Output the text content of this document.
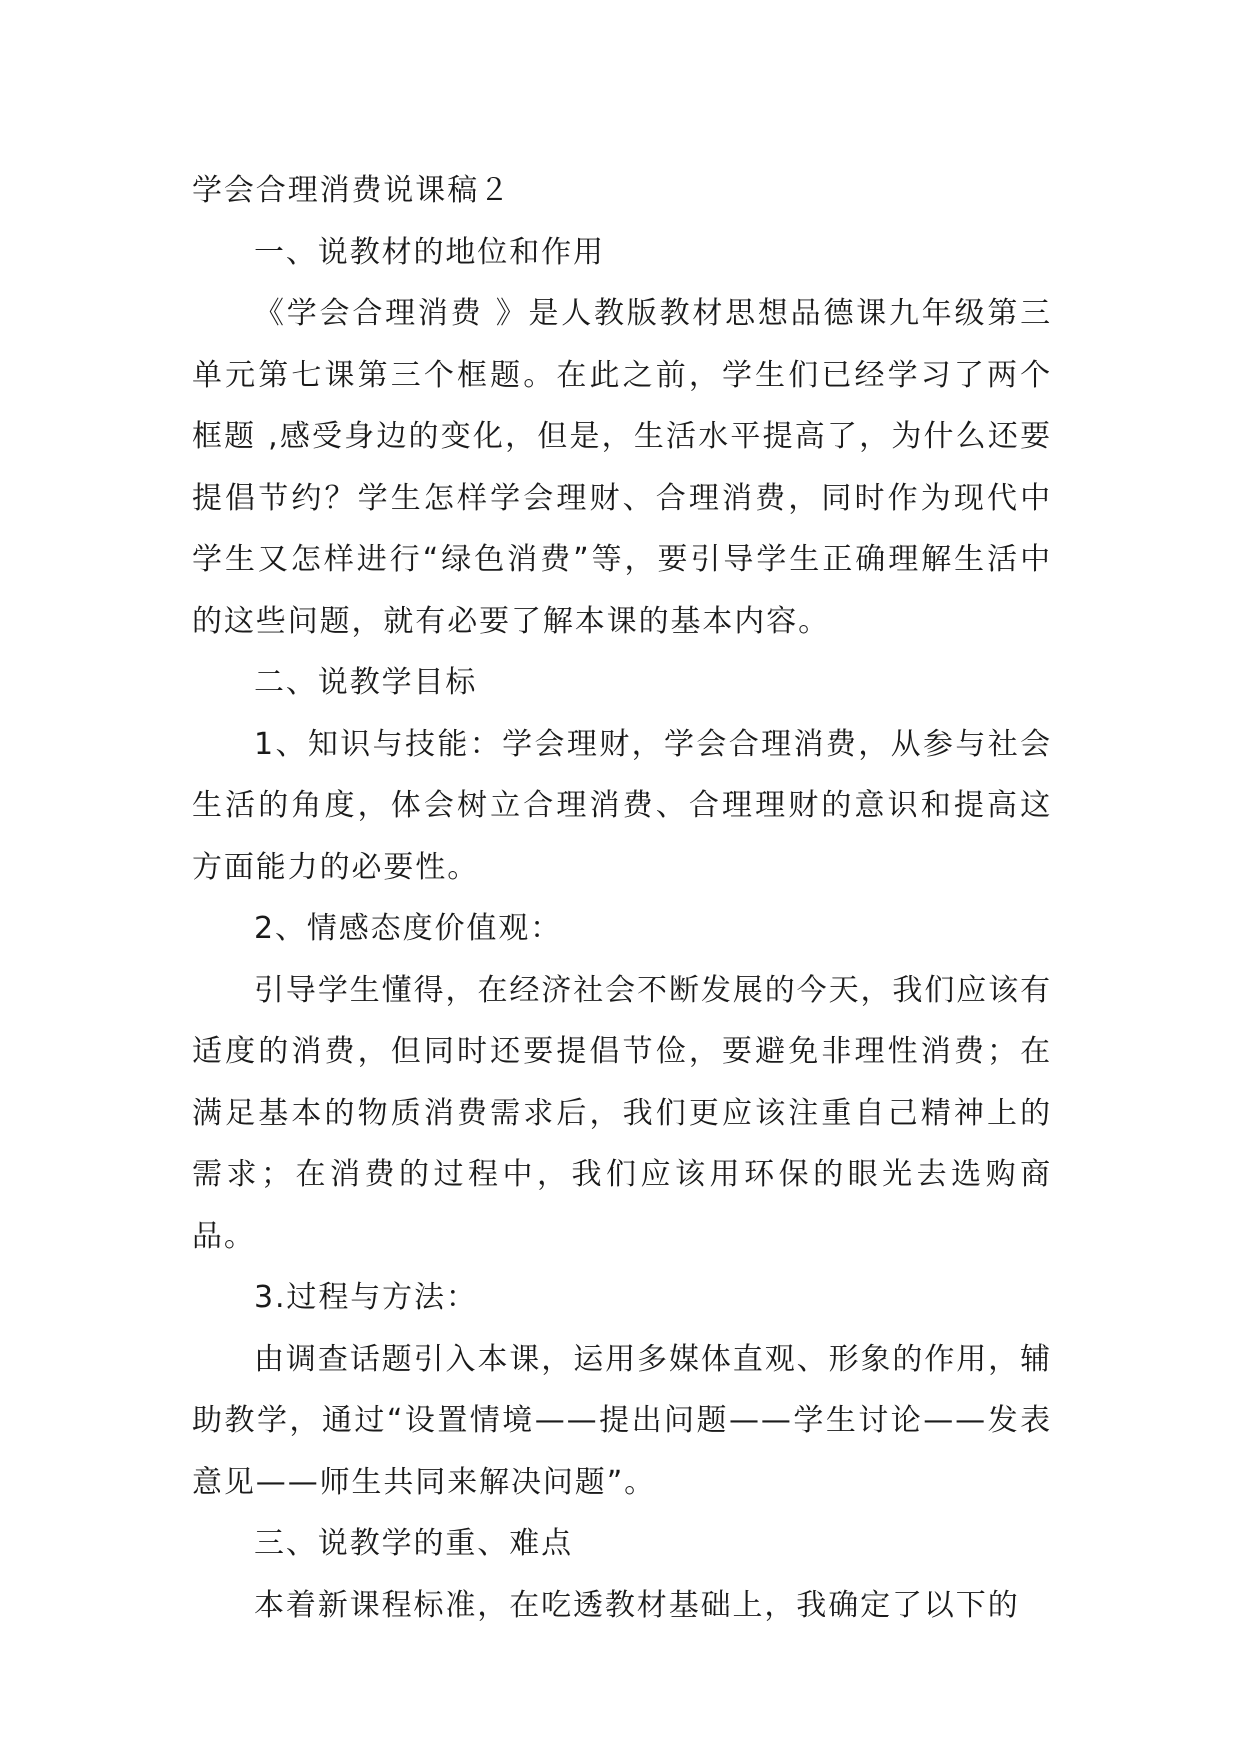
学会合理消费说课稿２

一、说教材的地位和作用

《学会合理消费 》是人教版教材思想品德课九年级第三单元第七课第三个框题。在此之前，学生们已经学习了两个框题 ,感受身边的变化，但是，生活水平提高了，为什么还要提倡节约？学生怎样学会理财、合理消费，同时作为现代中学生又怎样进行“绿色消费”等，要引导学生正确理解生活中的这些问题，就有必要了解本课的基本内容。

二、说教学目标

1、知识与技能：学会理财，学会合理消费，从参与社会生活的角度，体会树立合理消费、合理理财的意识和提高这方面能力的必要性。

2、情感态度价值观：

引导学生懂得，在经济社会不断发展的今天，我们应该有适度的消费，但同时还要提倡节俭，要避免非理性消费；在满足基本的物质消费需求后，我们更应该注重自己精神上的需求；在消费的过程中，我们应该用环保的眼光去选购商品。

3.过程与方法：

由调查话题引入本课，运用多媒体直观、形象的作用，辅助教学，通过“设置情境——提出问题——学生讨论——发表意见——师生共同来解决问题”。

三、说教学的重、难点

本着新课程标准，在吃透教材基础上，我确定了以下的
